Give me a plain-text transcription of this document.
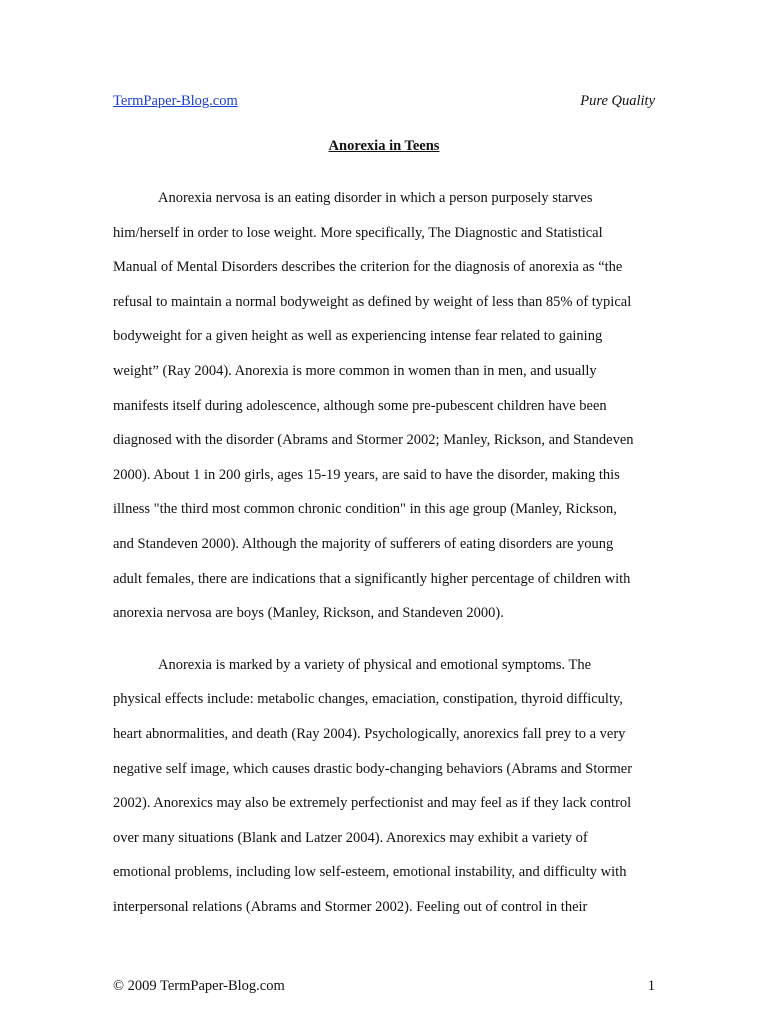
TermPaper-Blog.com	Pure Quality
Anorexia in Teens

Anorexia nervosa is an eating disorder in which a person purposely starves
him/herself in order to lose weight. More specifically, The Diagnostic and Statistical
Manual of Mental Disorders describes the criterion for the diagnosis of anorexia as “the
refusal to maintain a normal bodyweight as defined by weight of less than 85% of typical
bodyweight for a given height as well as experiencing intense fear related to gaining
weight” (Ray 2004). Anorexia is more common in women than in men, and usually
manifests itself during adolescence, although some pre-pubescent children have been
diagnosed with the disorder (Abrams and Stormer 2002; Manley, Rickson, and Standeven
2000). About 1 in 200 girls, ages 15-19 years, are said to have the disorder, making this
illness "the third most common chronic condition" in this age group (Manley, Rickson,
and Standeven 2000). Although the majority of sufferers of eating disorders are young
adult females, there are indications that a significantly higher percentage of children with
anorexia nervosa are boys (Manley, Rickson, and Standeven 2000).

Anorexia is marked by a variety of physical and emotional symptoms. The
physical effects include: metabolic changes, emaciation, constipation, thyroid difficulty,
heart abnormalities, and death (Ray 2004). Psychologically, anorexics fall prey to a very
negative self image, which causes drastic body-changing behaviors (Abrams and Stormer
2002). Anorexics may also be extremely perfectionist and may feel as if they lack control
over many situations (Blank and Latzer 2004). Anorexics may exhibit a variety of
emotional problems, including low self-esteem, emotional instability, and difficulty with
interpersonal relations (Abrams and Stormer 2002). Feeling out of control in their

© 2009 TermPaper-Blog.com	1
